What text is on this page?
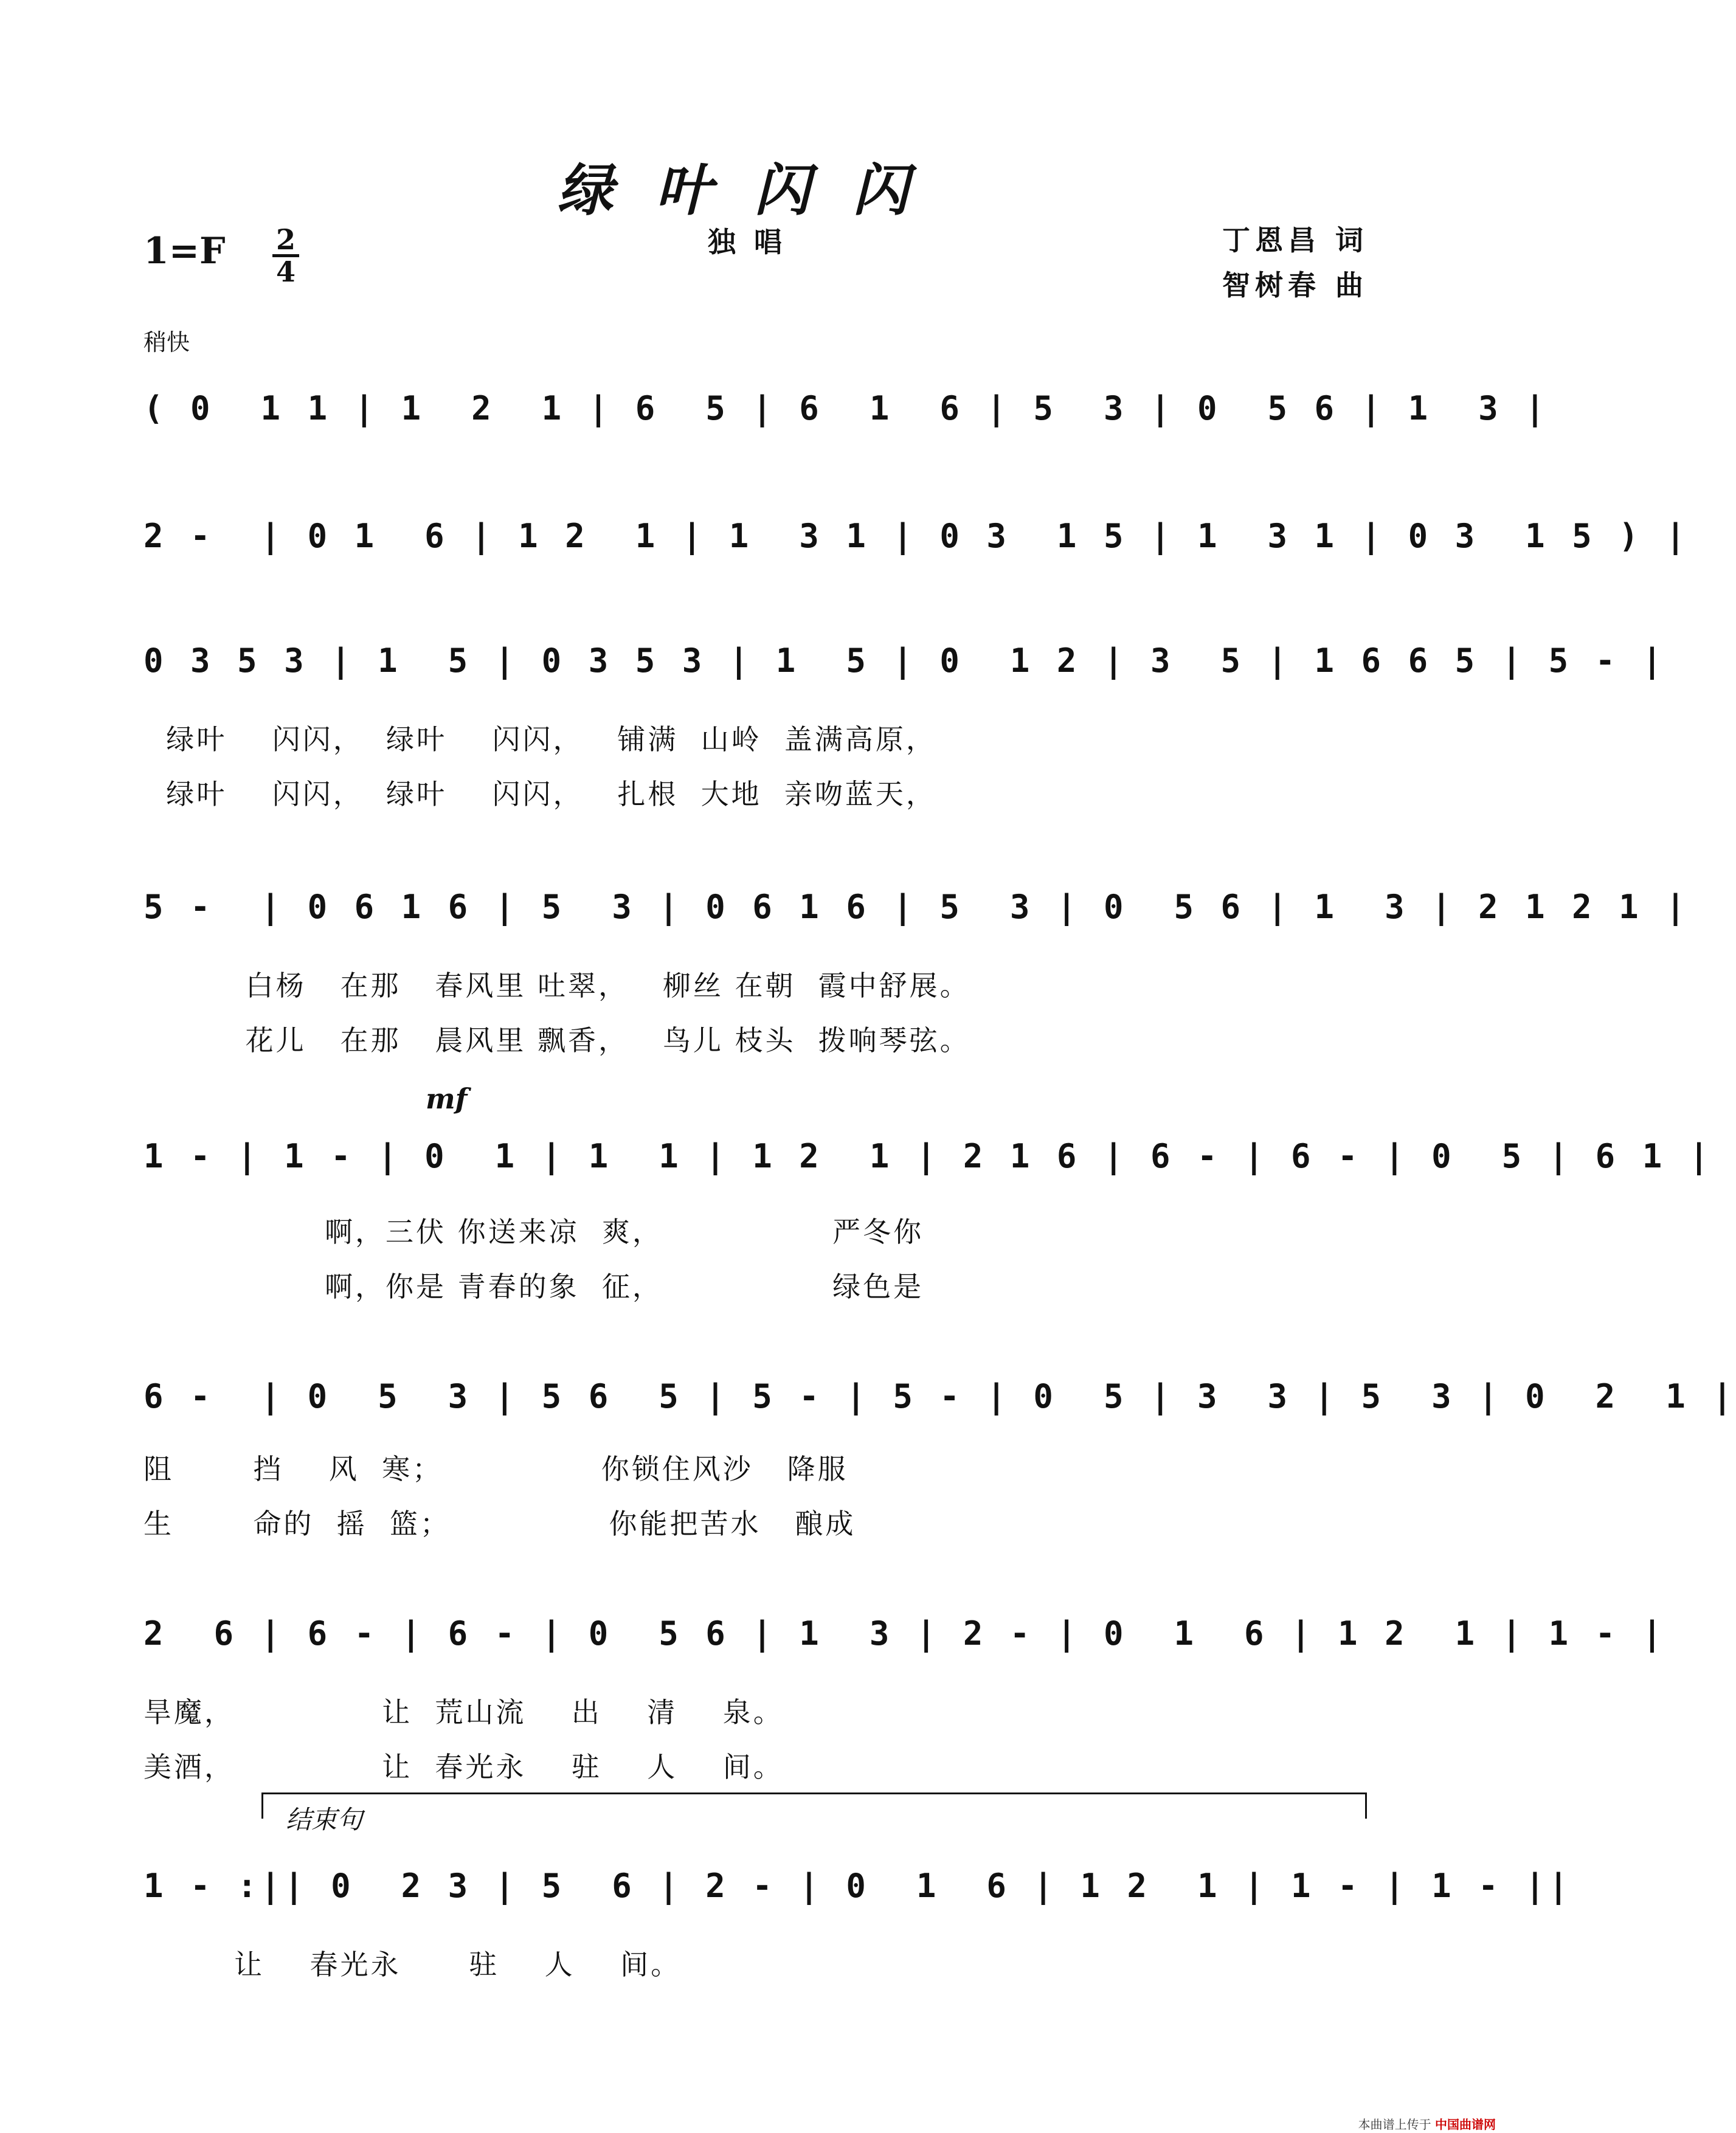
绿叶闪闪
独唱	丁恩昌 词
智树春 曲
1=F 2
4
稍快
( 0  1 1 | 1  2  1 | 6  5 | 6  1  6 | 5  3 | 0  5 6 | 1  3 |
2 -  | 0 1  6 | 1 2  1 | 1  3 1 | 0 3  1 5 | 1  3 1 | 0 3  1 5 ) |
0 3 5 3 | 1  5 | 0 3 5 3 | 1  5 | 0  1 2 | 3  5 | 1 6 6 5 | 5 - |
绿叶    闪闪，  绿叶    闪闪，   铺满  山岭  盖满高原，
绿叶    闪闪，  绿叶    闪闪，   扎根  大地  亲吻蓝天，
5 -  | 0 6 1 6 | 5  3 | 0 6 1 6 | 5  3 | 0  5 6 | 1  3 | 2 1 2 1 |
白杨   在那   春风里 吐翠，   柳丝 在朝  霞中舒展。
花儿   在那   晨风里 飘香，   鸟儿 枝头  拨响琴弦。
mf
1 - | 1 - | 0  1 | 1  1 | 1 2  1 | 2 1 6 | 6 - | 6 - | 0  5 | 6 1 |
啊，三伏 你送来凉  爽，               严冬你
啊，你是 青春的象  征，               绿色是
6 -  | 0  5  3 | 5 6  5 | 5 - | 5 - | 0  5 | 3  3 | 5  3 | 0  2  1 |
阻       挡    风  寒；              你锁住风沙   降服
生       命的  摇  篮；              你能把苦水   酿成
2  6 | 6 - | 6 - | 0  5 6 | 1  3 | 2 - | 0  1  6 | 1 2  1 | 1 - |
旱魔，             让  荒山流    出    清    泉。
美酒，             让  春光永    驻    人    间。
结束句
1 - :|| 0  2 3 | 5  6 | 2 - | 0  1  6 | 1 2  1 | 1 - | 1 - ||
让    春光永      驻    人    间。
本曲谱上传于 中国曲谱网
